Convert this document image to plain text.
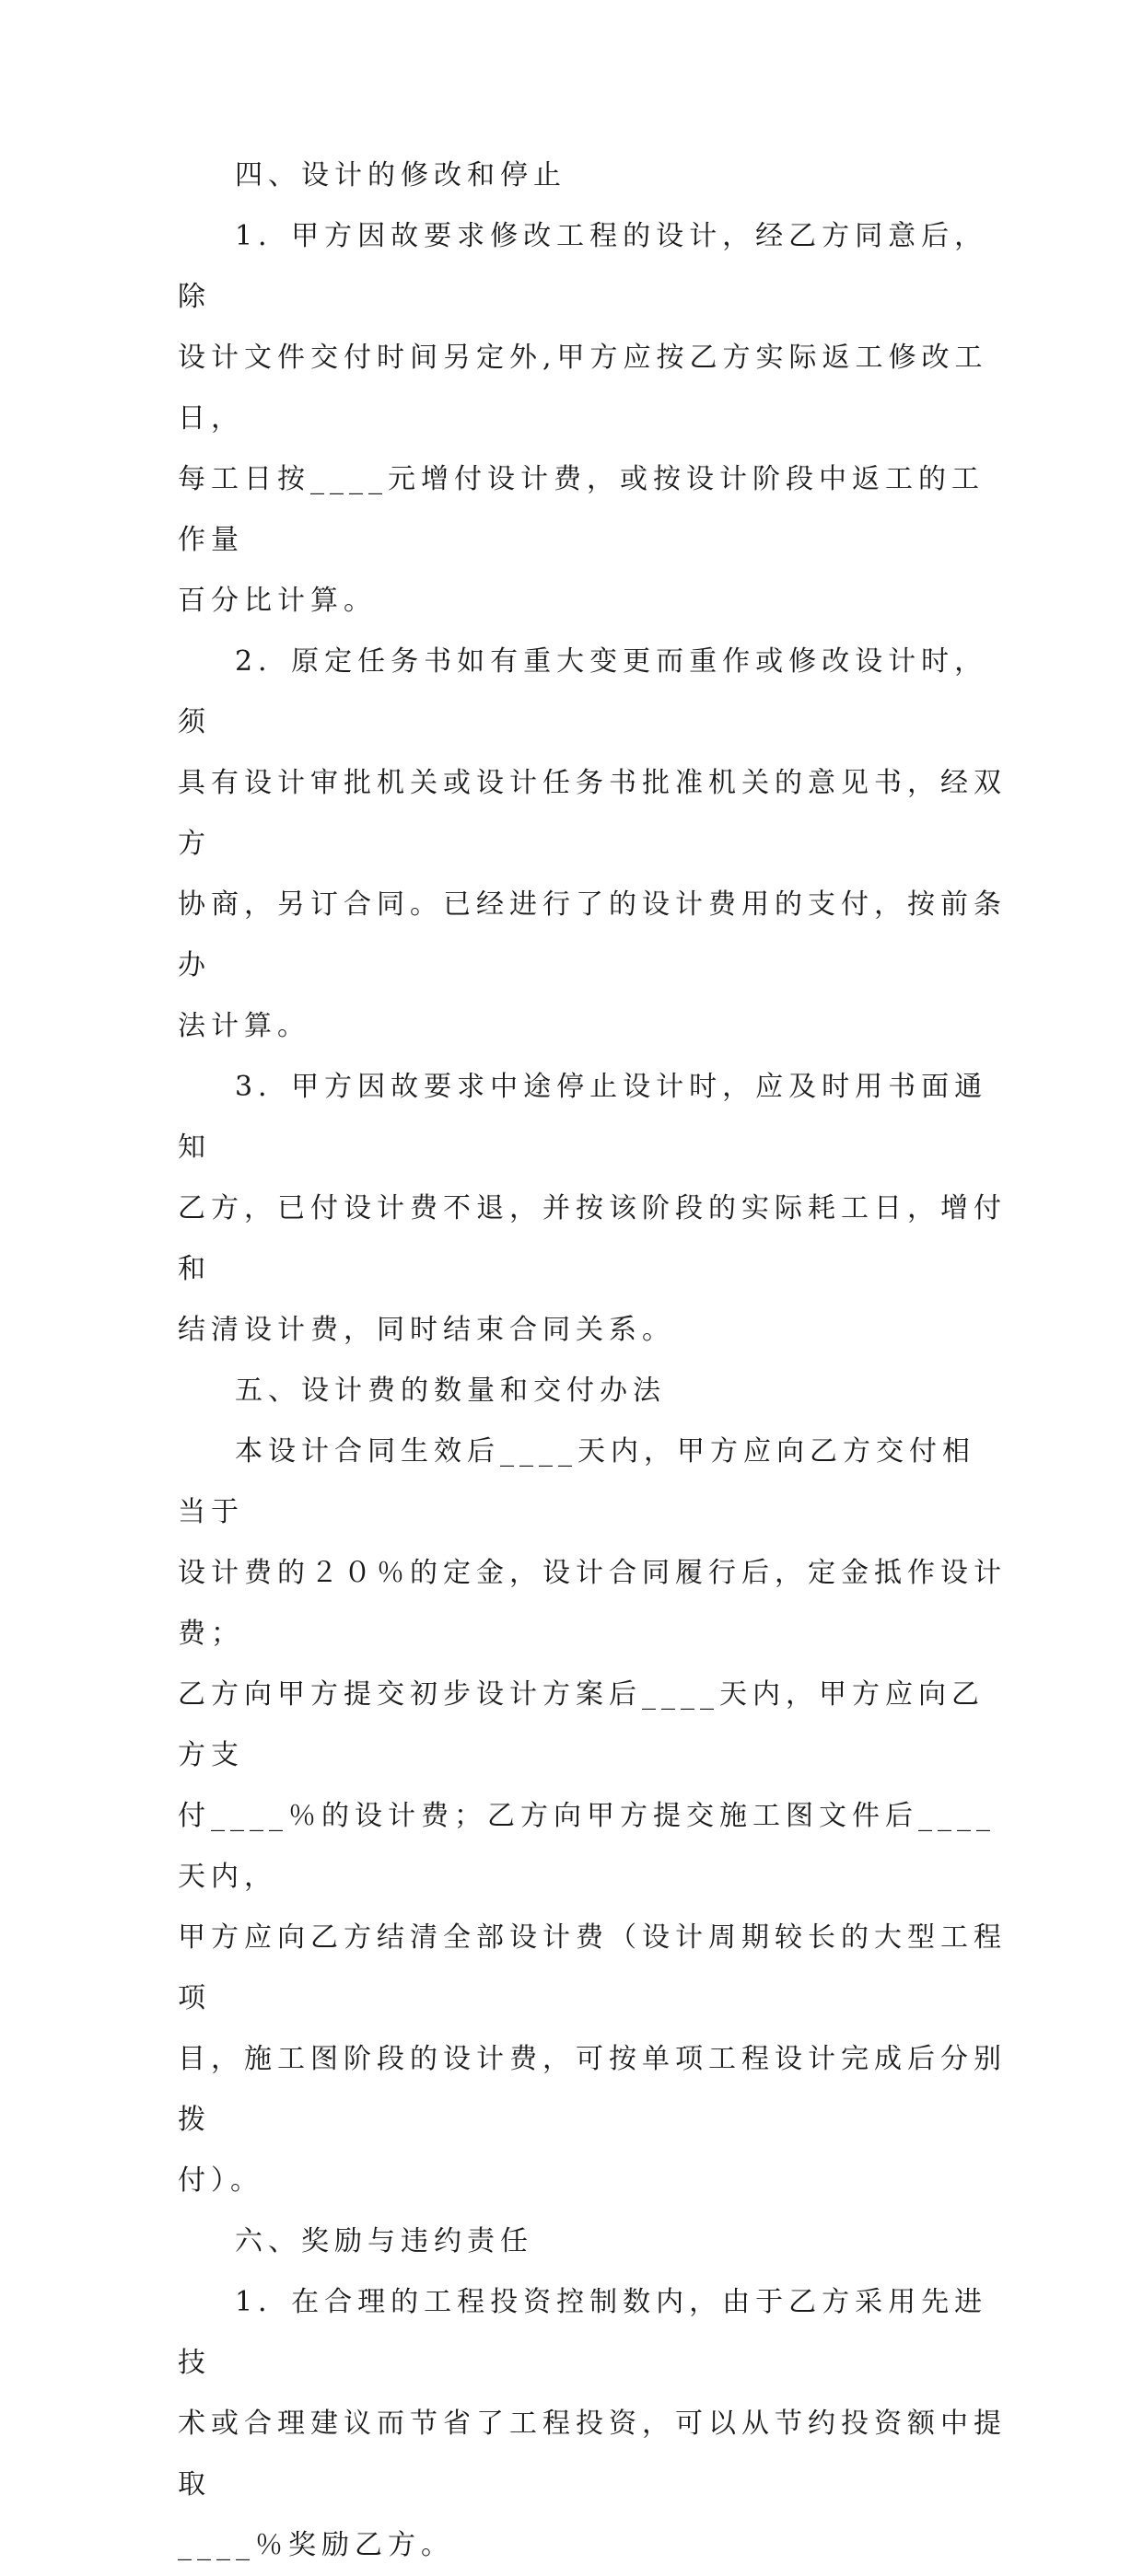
四、设计的修改和停止

1．甲方因故要求修改工程的设计，经乙方同意后，除

设计文件交付时间另定外,甲方应按乙方实际返工修改工日，

每工日按____元增付设计费，或按设计阶段中返工的工作量

百分比计算。

2．原定任务书如有重大变更而重作或修改设计时，须

具有设计审批机关或设计任务书批准机关的意见书，经双方

协商，另订合同。已经进行了的设计费用的支付，按前条办

法计算。

3．甲方因故要求中途停止设计时，应及时用书面通知

乙方，已付设计费不退，并按该阶段的实际耗工日，增付和

结清设计费，同时结束合同关系。

五、设计费的数量和交付办法

本设计合同生效后____天内，甲方应向乙方交付相当于

设计费的２０％的定金，设计合同履行后，定金抵作设计费；

乙方向甲方提交初步设计方案后____天内，甲方应向乙方支

付____％的设计费；乙方向甲方提交施工图文件后____天内，

甲方应向乙方结清全部设计费（设计周期较长的大型工程项

目，施工图阶段的设计费，可按单项工程设计完成后分别拨

付）。

六、奖励与违约责任

1．在合理的工程投资控制数内，由于乙方采用先进技

术或合理建议而节省了工程投资，可以从节约投资额中提取

____％奖励乙方。
